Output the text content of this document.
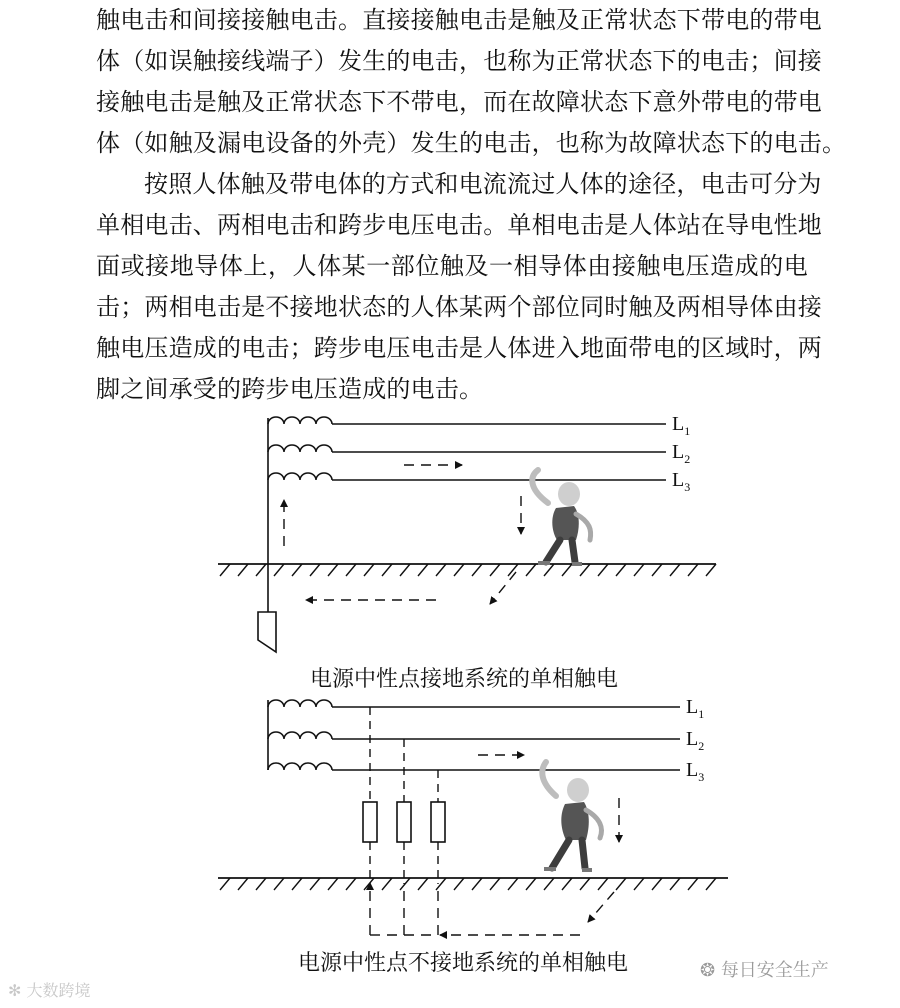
触电击和间接接触电击。直接接触电击是触及正常状态下带电的带电
体（如误触接线端子）发生的电击，也称为正常状态下的电击；间接
接触电击是触及正常状态下不带电，而在故障状态下意外带电的带电
体（如触及漏电设备的外壳）发生的电击，也称为故障状态下的电击。
按照人体触及带电体的方式和电流流过人体的途径，电击可分为
单相电击、两相电击和跨步电压电击。单相电击是人体站在导电性地
面或接地导体上，人体某一部位触及一相导体由接触电压造成的电
击；两相电击是不接地状态的人体某两个部位同时触及两相导体由接
触电压造成的电击；跨步电压电击是人体进入地面带电的区域时，两
脚之间承受的跨步电压造成的电击。
$L_1$
$L_2$
$L_3$
$L_1$
$L_2$
$L_3$
电源中性点接地系统的单相触电
电源中性点不接地系统的单相触电
✻ 大数跨境
❂ 每日安全生产
